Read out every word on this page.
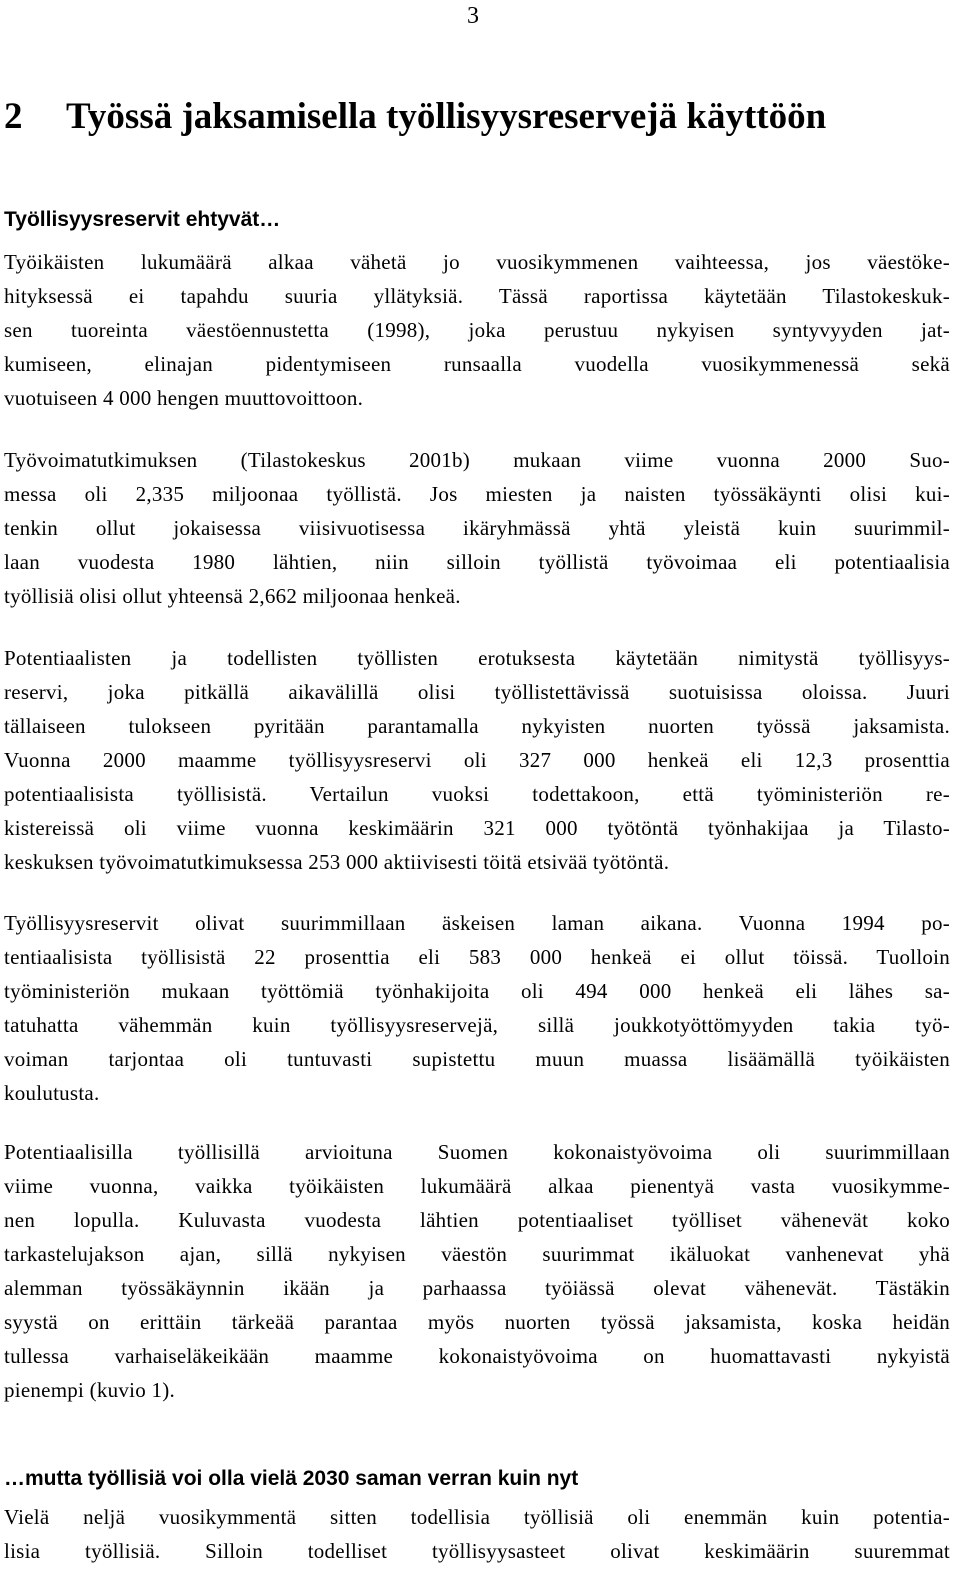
3
2 Työssä jaksamisella työllisyysreservejä käyttöön
Työllisyysreservit ehtyvät…
Työikäisten lukumäärä alkaa vähetä jo vuosikymmenen vaihteessa, jos väestöke-
hityksessä ei tapahdu suuria yllätyksiä. Tässä raportissa käytetään Tilastokeskuk-
sen tuoreinta väestöennustetta (1998), joka perustuu nykyisen syntyvyyden jat-
kumiseen, elinajan pidentymiseen runsaalla vuodella vuosikymmenessä sekä
vuotuiseen 4 000 hengen muuttovoittoon.
Työvoimatutkimuksen (Tilastokeskus 2001b) mukaan viime vuonna 2000 Suo-
messa oli 2,335 miljoonaa työllistä. Jos miesten ja naisten työssäkäynti olisi kui-
tenkin ollut jokaisessa viisivuotisessa ikäryhmässä yhtä yleistä kuin suurimmil-
laan vuodesta 1980 lähtien, niin silloin työllistä työvoimaa eli potentiaalisia
työllisiä olisi ollut yhteensä 2,662 miljoonaa henkeä.
Potentiaalisten ja todellisten työllisten erotuksesta käytetään nimitystä työllisyys-
reservi, joka pitkällä aikavälillä olisi työllistettävissä suotuisissa oloissa. Juuri
tällaiseen tulokseen pyritään parantamalla nykyisten nuorten työssä jaksamista.
Vuonna 2000 maamme työllisyysreservi oli 327 000 henkeä eli 12,3 prosenttia
potentiaalisista työllisistä. Vertailun vuoksi todettakoon, että työministeriön re-
kistereissä oli viime vuonna keskimäärin 321 000 työtöntä työnhakijaa ja Tilasto-
keskuksen työvoimatutkimuksessa 253 000 aktiivisesti töitä etsivää työtöntä.
Työllisyysreservit olivat suurimmillaan äskeisen laman aikana. Vuonna 1994 po-
tentiaalisista työllisistä 22 prosenttia eli 583 000 henkeä ei ollut töissä. Tuolloin
työministeriön mukaan työttömiä työnhakijoita oli 494 000 henkeä eli lähes sa-
tatuhatta vähemmän kuin työllisyysreservejä, sillä joukkotyöttömyyden takia työ-
voiman tarjontaa oli tuntuvasti supistettu muun muassa lisäämällä työikäisten
koulutusta.
Potentiaalisilla työllisillä arvioituna Suomen kokonaistyövoima oli suurimmillaan
viime vuonna, vaikka työikäisten lukumäärä alkaa pienentyä vasta vuosikymme-
nen lopulla. Kuluvasta vuodesta lähtien potentiaaliset työlliset vähenevät koko
tarkastelujakson ajan, sillä nykyisen väestön suurimmat ikäluokat vanhenevat yhä
alemman työssäkäynnin ikään ja parhaassa työiässä olevat vähenevät. Tästäkin
syystä on erittäin tärkeää parantaa myös nuorten työssä jaksamista, koska heidän
tullessa varhaiseläkeikään maamme kokonaistyövoima on huomattavasti nykyistä
pienempi (kuvio 1).
…mutta työllisiä voi olla vielä 2030 saman verran kuin nyt
Vielä neljä vuosikymmentä sitten todellisia työllisiä oli enemmän kuin potentia-
lisia työllisiä. Silloin todelliset työllisyysasteet olivat keskimäärin suuremmat
